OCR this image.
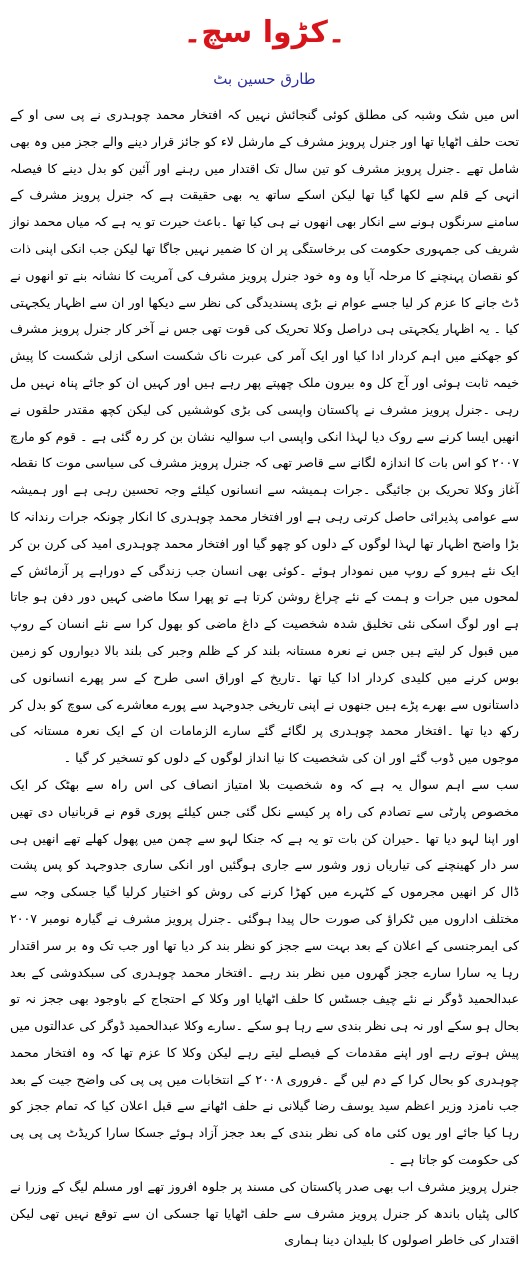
۔کڑوا سچ۔
طارق حسین بٹ

اس میں شک وشبہ کی مطلق کوئی گنجائش نہیں کہ افتخار محمد چوہدری نے پی سی او کے تحت حلف اٹھایا تھا اور جنرل پرویز مشرف کے مارشل لاء کو جائز قرار دینے والے ججز میں وہ بھی شامل تھے ۔جنرل پرویز مشرف کو تین سال تک اقتدار میں رہنے اور آئین کو بدل دینے کا فیصلہ انہی کے قلم سے لکھا گیا تھا لیکن اسکے ساتھ یہ بھی حقیقت ہے کہ جنرل پرویز مشرف کے سامنے سرنگوں ہونے سے انکار بھی انھوں نے ہی کیا تھا ۔باعث حیرت تو یہ ہے کہ میاں محمد نواز شریف کی جمہوری حکومت کی برخاستگی پر ان کا ضمیر نہیں جاگا تھا لیکن جب انکی اپنی ذات کو نقصان پہنچنے کا مرحلہ آیا وہ وہ خود جنرل پرویز مشرف کی آمریت کا نشانہ بنے تو انھوں نے ڈٹ جانے کا عزم کر لیا جسے عوام نے بڑی پسندیدگی کی نظر سے دیکھا اور ان سے اظہار یکجہتی کیا ۔ یہ اظہار یکجہتی ہی دراصل وکلا تحریک کی قوت تھی جس نے آخر کار جنرل پرویز مشرف کو جھکنے میں اہم کردار ادا کیا اور ایک آمر کی عبرت ناک شکست اسکی ازلی شکست کا پیش خیمہ ثابت ہوئی اور آج کل وہ بیرون ملک چھپتے پھر رہے ہیں اور کہیں ان کو جائے پناہ نہیں مل رہی ۔جنرل پرویز مشرف نے پاکستان واپسی کی بڑی کوششیں کی لیکن کچھ مقتدر حلقوں نے انھیں ایسا کرنے سے روک دیا لہذا انکی واپسی اب سوالیہ نشان بن کر رہ گئی ہے ۔ قوم کو مارچ ۲۰۰۷ کو اس بات کا اندازہ لگانے سے قاصر تھی کہ جنرل پرویز مشرف کی سیاسی موت کا نقطہ آغاز وکلا تحریک بن جائیگی ۔جرات ہمیشہ سے انسانوں کیلئے وجہ تحسین رہی ہے اور ہمیشہ سے عوامی پذیرائی حاصل کرتی رہی ہے اور افتخار محمد چوہدری کا انکار چونکہ جرات رندانہ کا بڑا واضح اظہار تھا لہذا لوگوں کے دلوں کو چھو گیا اور افتخار محمد چوہدری امید کی کرن بن کر ایک نئے ہیرو کے روپ میں نمودار ہوئے ۔کوئی بھی انسان جب زندگی کے دوراہے پر آزمائش کے لمحوں میں جرات و ہمت کے نئے چراغ روشن کرتا ہے تو پھرا سکا ماضی کہیں دور دفن ہو جاتا ہے اور لوگ اسکی نئی تخلیق شدہ شخصیت کے داغ ماضی کو بھول کرا سے نئے انسان کے روپ میں قبول کر لیتے ہیں جس نے نعرہ مستانہ بلند کر کے ظلم وجبر کی بلند بالا دیواروں کو زمین بوس کرنے میں کلیدی کردار ادا کیا تھا ۔تاریخ کے اوراق اسی طرح کے سر پھرے انسانوں کی داستانوں سے بھرے پڑے ہیں جنھوں نے اپنی تاریخی جدوجہد سے پورے معاشرے کی سوچ کو بدل کر رکھ دیا تھا ۔افتخار محمد چوہدری پر لگائے گئے سارے الزمامات ان کے ایک نعرہ مستانہ کی موجوں میں ڈوب گئے اور ان کی شخصیت کا نیا انداز لوگوں کے دلوں کو تسخیر کر گیا ۔

سب سے اہم سوال یہ ہے کہ وہ شخصیت بلا امتیاز انصاف کی اس راہ سے بھٹک کر ایک مخصوص پارٹی سے تصادم کی راہ پر کیسے نکل گئی جس کیلئے پوری قوم نے قربانیاں دی تھیں اور اپنا لہو دیا تھا ۔حیران کن بات تو یہ ہے کہ جنکا لہو سے چمن میں پھول کھلے تھے انھیں ہی سر دار کھینچنے کی تیاریاں زور وشور سے جاری ہوگئیں اور انکی ساری جدوجہد کو پس پشت ڈال کر انھیں مجرموں کے کٹہرے میں کھڑا کرنے کی روش کو اختیار کرلیا گیا جسکی وجہ سے مختلف اداروں میں ٹکراؤ کی صورت حال پیدا ہوگئی ۔جنرل پرویز مشرف نے گیارہ نومبر ۲۰۰۷ کی ایمرجنسی کے اعلان کے بعد بہت سے ججز کو نظر بند کر دیا تھا اور جب تک وہ بر سر اقتدار رہا یہ سارا سارے ججز گھروں میں نظر بند رہے ۔افتخار محمد چوہدری کی سبکدوشی کے بعد عبدالحمید ڈوگر نے نئے چیف جسٹس کا حلف اٹھایا اور وکلا کے احتجاج کے باوجود بھی ججز نہ تو بحال ہو سکے اور نہ ہی نظر بندی سے رہا ہو سکے ۔سارے وکلا عبدالحمید ڈوگر کی عدالتوں میں پیش ہوتے رہے اور اپنے مقدمات کے فیصلے لیتے رہے لیکن وکلا کا عزم تھا کہ وہ افتخار محمد چوہدری کو بحال کرا کے دم لیں گے ۔فروری ۲۰۰۸ کے انتخابات میں پی پی کی واضح جیت کے بعد جب نامزد وزیر اعظم سید یوسف رضا گیلانی نے حلف اٹھانے سے قبل اعلان کیا کہ تمام ججز کو رہا کیا جائے اور یوں کئی ماہ کی نظر بندی کے بعد ججز آزاد ہوئے جسکا سارا کریڈٹ پی پی پی کی حکومت کو جاتا ہے ۔

جنرل پرویز مشرف اب بھی صدر پاکستان کی مسند پر جلوہ افروز تھے اور مسلم لیگ کے وزرا نے کالی پٹیاں باندھ کر جنرل پرویز مشرف سے حلف اٹھایا تھا جسکی ان سے توقع نہیں تھی لیکن اقتدار کی خاطر اصولوں کا بلیدان دینا ہماری
